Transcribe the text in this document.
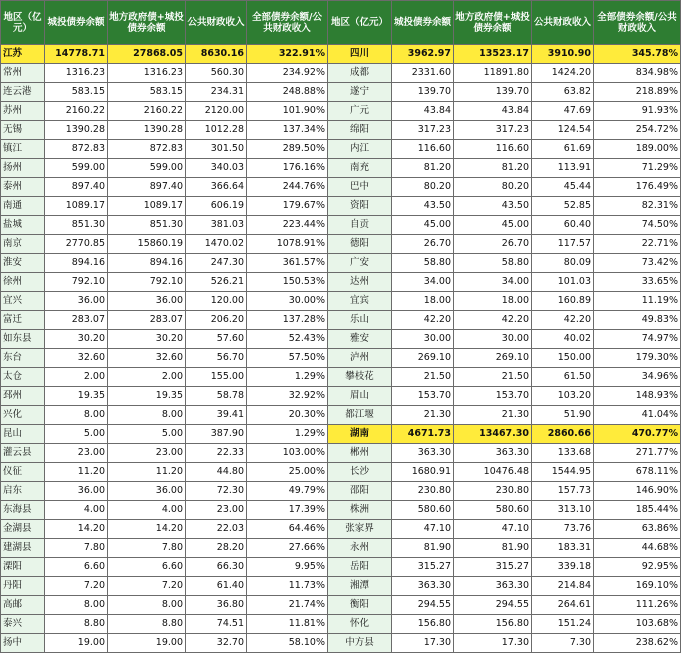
地区（亿元）	城投债券余额	地方政府债+城投债券余额	公共财政收入	全部债券余额/公共财政收入	地区（亿元）	城投债券余额	地方政府债+城投债券余额	公共财政收入	全部债券余额/公共财政收入
江苏	14778.71	27868.05	8630.16	322.91%	四川	3962.97	13523.17	3910.90	345.78%
常州	1316.23	1316.23	560.30	234.92%	成都	2331.60	11891.80	1424.20	834.98%
连云港	583.15	583.15	234.31	248.88%	遂宁	139.70	139.70	63.82	218.89%
苏州	2160.22	2160.22	2120.00	101.90%	广元	43.84	43.84	47.69	91.93%
无锡	1390.28	1390.28	1012.28	137.34%	绵阳	317.23	317.23	124.54	254.72%
镇江	872.83	872.83	301.50	289.50%	内江	116.60	116.60	61.69	189.00%
扬州	599.00	599.00	340.03	176.16%	南充	81.20	81.20	113.91	71.29%
泰州	897.40	897.40	366.64	244.76%	巴中	80.20	80.20	45.44	176.49%
南通	1089.17	1089.17	606.19	179.67%	资阳	43.50	43.50	52.85	82.31%
盐城	851.30	851.30	381.03	223.44%	自贡	45.00	45.00	60.40	74.50%
南京	2770.85	15860.19	1470.02	1078.91%	德阳	26.70	26.70	117.57	22.71%
淮安	894.16	894.16	247.30	361.57%	广安	58.80	58.80	80.09	73.42%
徐州	792.10	792.10	526.21	150.53%	达州	34.00	34.00	101.03	33.65%
宜兴	36.00	36.00	120.00	30.00%	宜宾	18.00	18.00	160.89	11.19%
富迁	283.07	283.07	206.20	137.28%	乐山	42.20	42.20	42.20	49.83%
如东县	30.20	30.20	57.60	52.43%	雅安	30.00	30.00	40.02	74.97%
东台	32.60	32.60	56.70	57.50%	泸州	269.10	269.10	150.00	179.30%
太仓	2.00	2.00	155.00	1.29%	攀枝花	21.50	21.50	61.50	34.96%
邳州	19.35	19.35	58.78	32.92%	眉山	153.70	153.70	103.20	148.93%
兴化	8.00	8.00	39.41	20.30%	都江堰	21.30	21.30	51.90	41.04%
昆山	5.00	5.00	387.90	1.29%	湖南	4671.73	13467.30	2860.66	470.77%
灌云县	23.00	23.00	22.33	103.00%	郴州	363.30	363.30	133.68	271.77%
仪征	11.20	11.20	44.80	25.00%	长沙	1680.91	10476.48	1544.95	678.11%
启东	36.00	36.00	72.30	49.79%	邵阳	230.80	230.80	157.73	146.90%
东海县	4.00	4.00	23.00	17.39%	株洲	580.60	580.60	313.10	185.44%
金湖县	14.20	14.20	22.03	64.46%	张家界	47.10	47.10	73.76	63.86%
建湖县	7.80	7.80	28.20	27.66%	永州	81.90	81.90	183.31	44.68%
溧阳	6.60	6.60	66.30	9.95%	岳阳	315.27	315.27	339.18	92.95%
丹阳	7.20	7.20	61.40	11.73%	湘潭	363.30	363.30	214.84	169.10%
高邮	8.00	8.00	36.80	21.74%	衡阳	294.55	294.55	264.61	111.26%
泰兴	8.80	8.80	74.51	11.81%	怀化	156.80	156.80	151.24	103.68%
扬中	19.00	19.00	32.70	58.10%	中方县	17.30	17.30	7.30	238.62%
